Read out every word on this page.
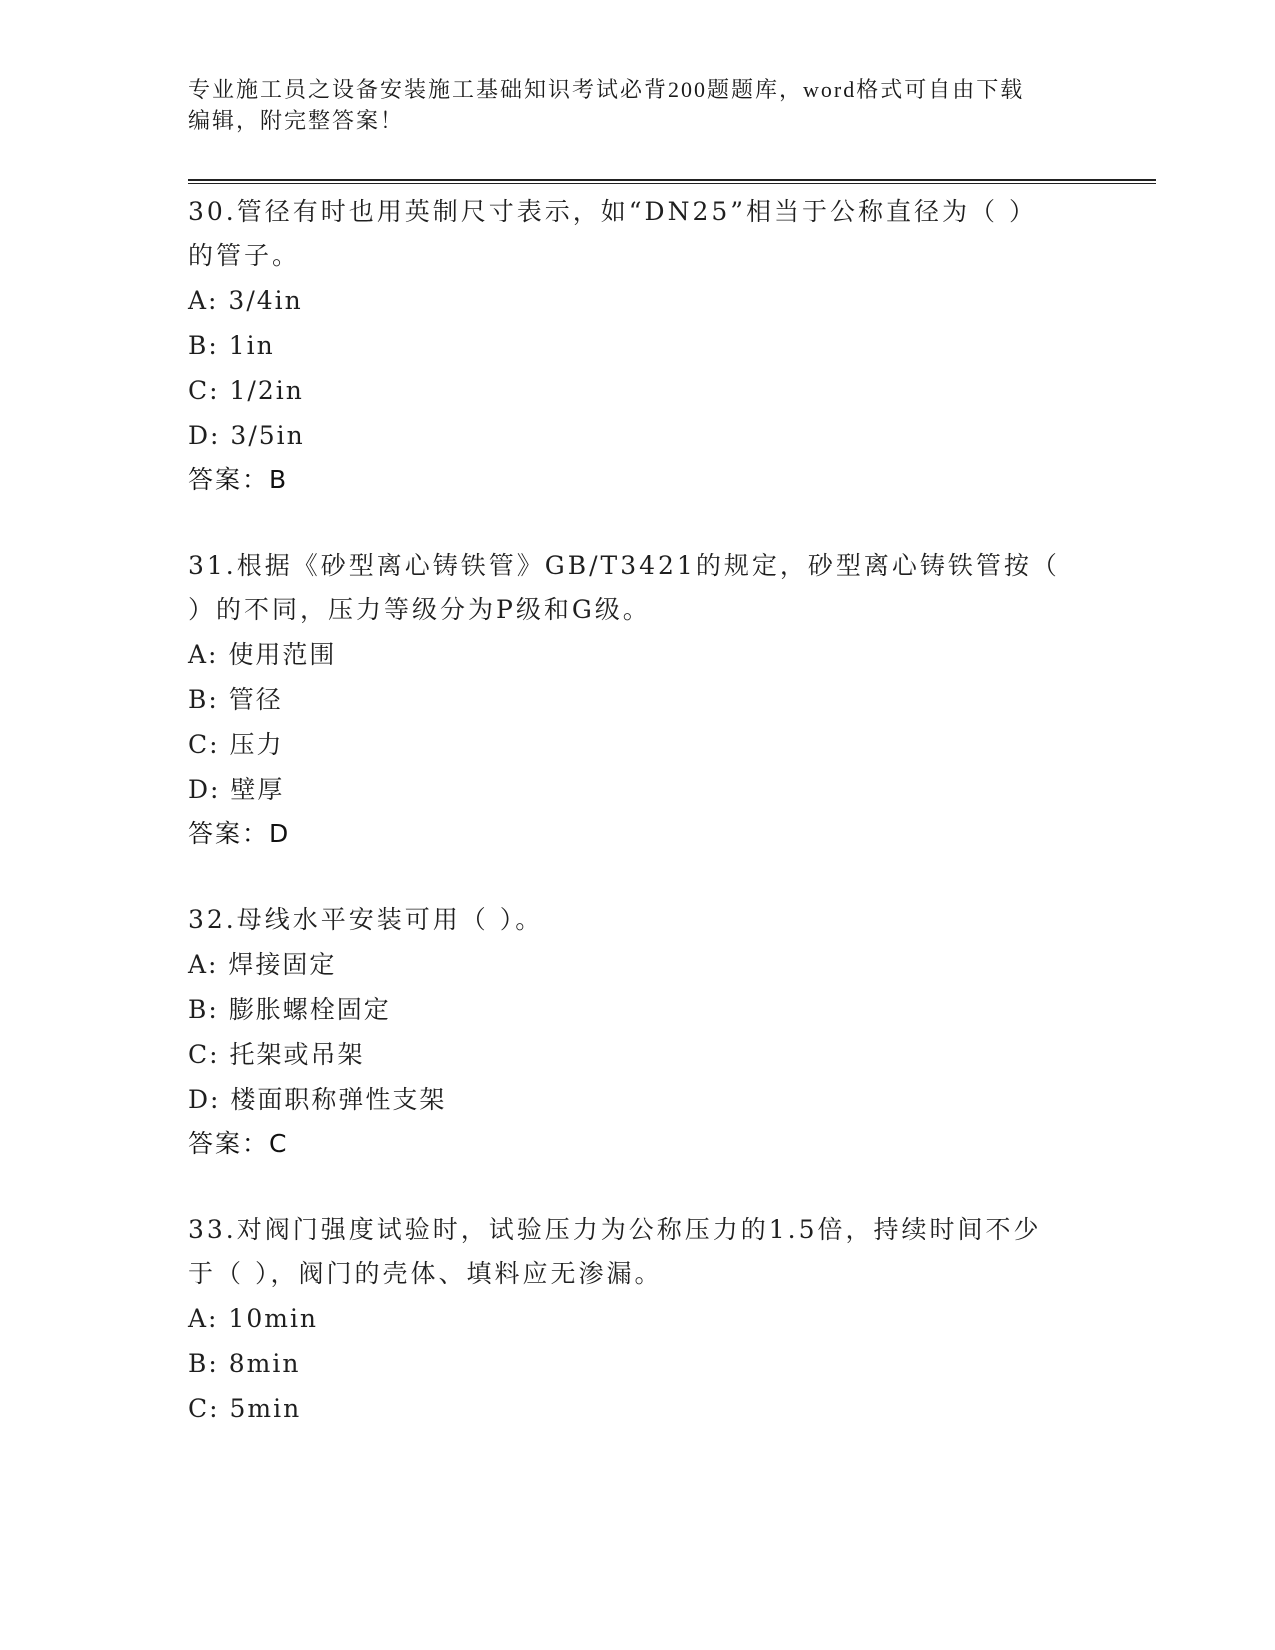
专业施工员之设备安装施工基础知识考试必背200题题库，word格式可自由下载
编辑，附完整答案！

30.管径有时也用英制尺寸表示，如“DN25”相当于公称直径为（ ）
的管子。

A: 3/4in

B: 1in

C: 1/2in

D: 3/5in

答案：B

31.根据《砂型离心铸铁管》GB/T3421的规定，砂型离心铸铁管按（
）的不同，压力等级分为P级和G级。

A: 使用范围

B: 管径

C: 压力

D: 壁厚

答案：D

32.母线水平安装可用（ ）。

A: 焊接固定

B: 膨胀螺栓固定

C: 托架或吊架

D: 楼面职称弹性支架

答案：C

33.对阀门强度试验时，试验压力为公称压力的1.5倍，持续时间不少
于（ ），阀门的壳体、填料应无渗漏。

A: 10min

B: 8min

C: 5min
